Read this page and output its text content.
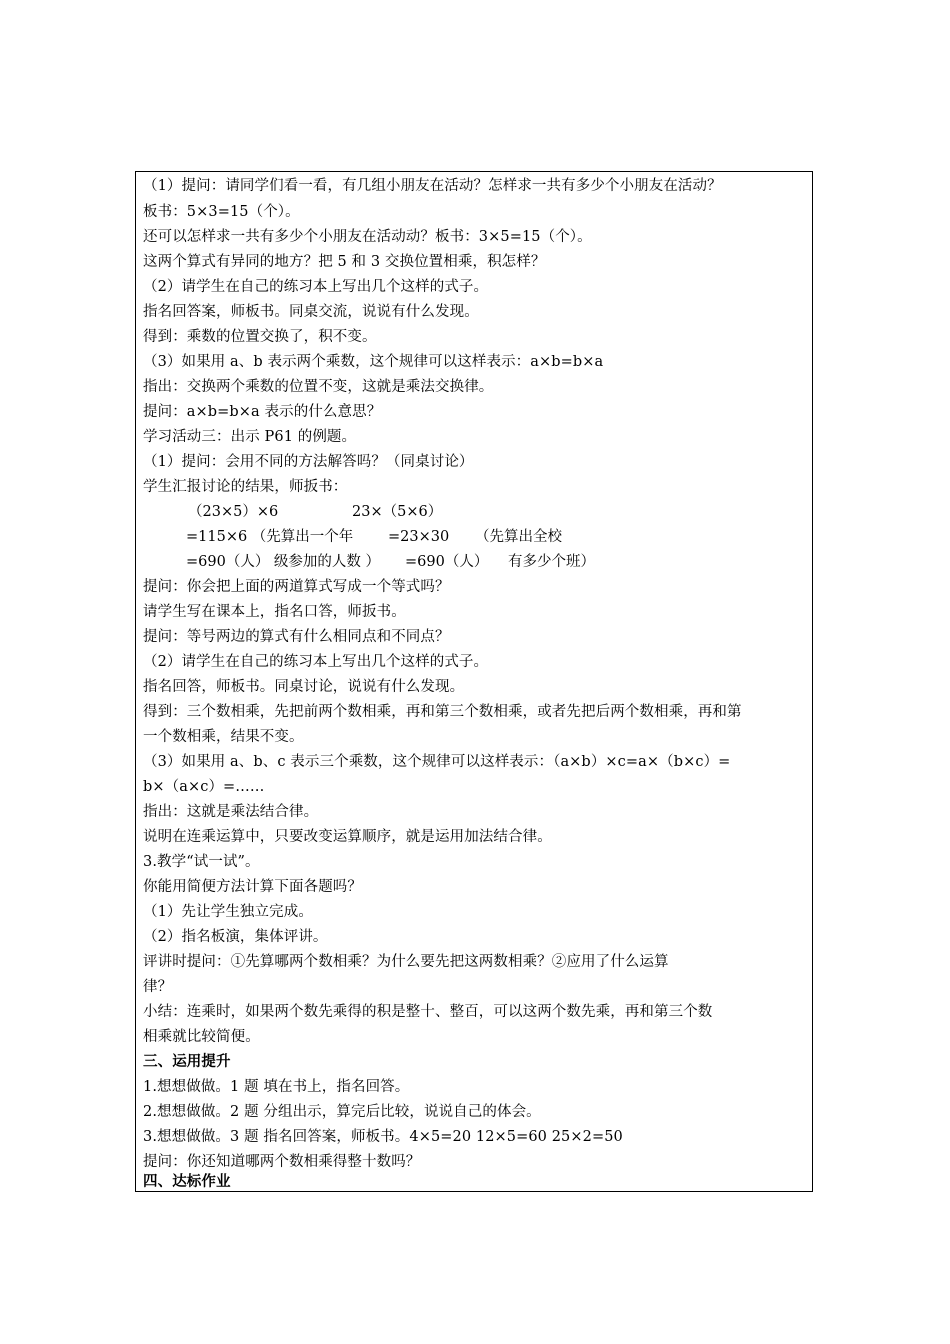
（1）提问：请同学们看一看，有几组小朋友在活动？怎样求一共有多少个小朋友在活动？
板书：5×3=15（个）。
还可以怎样求一共有多少个小朋友在活动动？板书：3×5=15（个）。
这两个算式有异同的地方？把 5 和 3 交换位置相乘，积怎样？
（2）请学生在自己的练习本上写出几个这样的式子。
指名回答案，师板书。同桌交流，说说有什么发现。
得到：乘数的位置交换了，积不变。
（3）如果用 a、b 表示两个乘数，这个规律可以这样表示：a×b=b×a
指出：交换两个乘数的位置不变，这就是乘法交换律。
提问：a×b=b×a 表示的什么意思？
学习活动三：出示 P61 的例题。
（1）提问：会用不同的方法解答吗？（同桌讨论）
学生汇报讨论的结果，师扳书：
（23×5）×6	23×（5×6）
=115×6 （先算出一个年 =23×30 （先算出全校
=690（人） 级参加的人数 ） =690（人） 有多少个班）
提问：你会把上面的两道算式写成一个等式吗？
请学生写在课本上，指名口答，师扳书。
提问：等号两边的算式有什么相同点和不同点？
（2）请学生在自己的练习本上写出几个这样的式子。
指名回答，师板书。同桌讨论，说说有什么发现。
得到：三个数相乘，先把前两个数相乘，再和第三个数相乘，或者先把后两个数相乘，再和第
一个数相乘，结果不变。
（3）如果用 a、b、c 表示三个乘数，这个规律可以这样表示：（a×b）×c=a×（b×c）=
b×（a×c）=……
指出：这就是乘法结合律。
说明在连乘运算中，只要改变运算顺序，就是运用加法结合律。
3.教学“试一试”。
你能用简便方法计算下面各题吗？
（1）先让学生独立完成。
（2）指名板演，集体评讲。
评讲时提问：①先算哪两个数相乘？为什么要先把这两数相乘？②应用了什么运算
律？
小结：连乘时，如果两个数先乘得的积是整十、整百，可以这两个数先乘，再和第三个数
相乘就比较简便。
三、运用提升
1.想想做做。1 题 填在书上，指名回答。
2.想想做做。2 题 分组出示，算完后比较，说说自己的体会。
3.想想做做。3 题 指名回答案，师板书。4×5=20 12×5=60 25×2=50
提问：你还知道哪两个数相乘得整十数吗？
四、达标作业
